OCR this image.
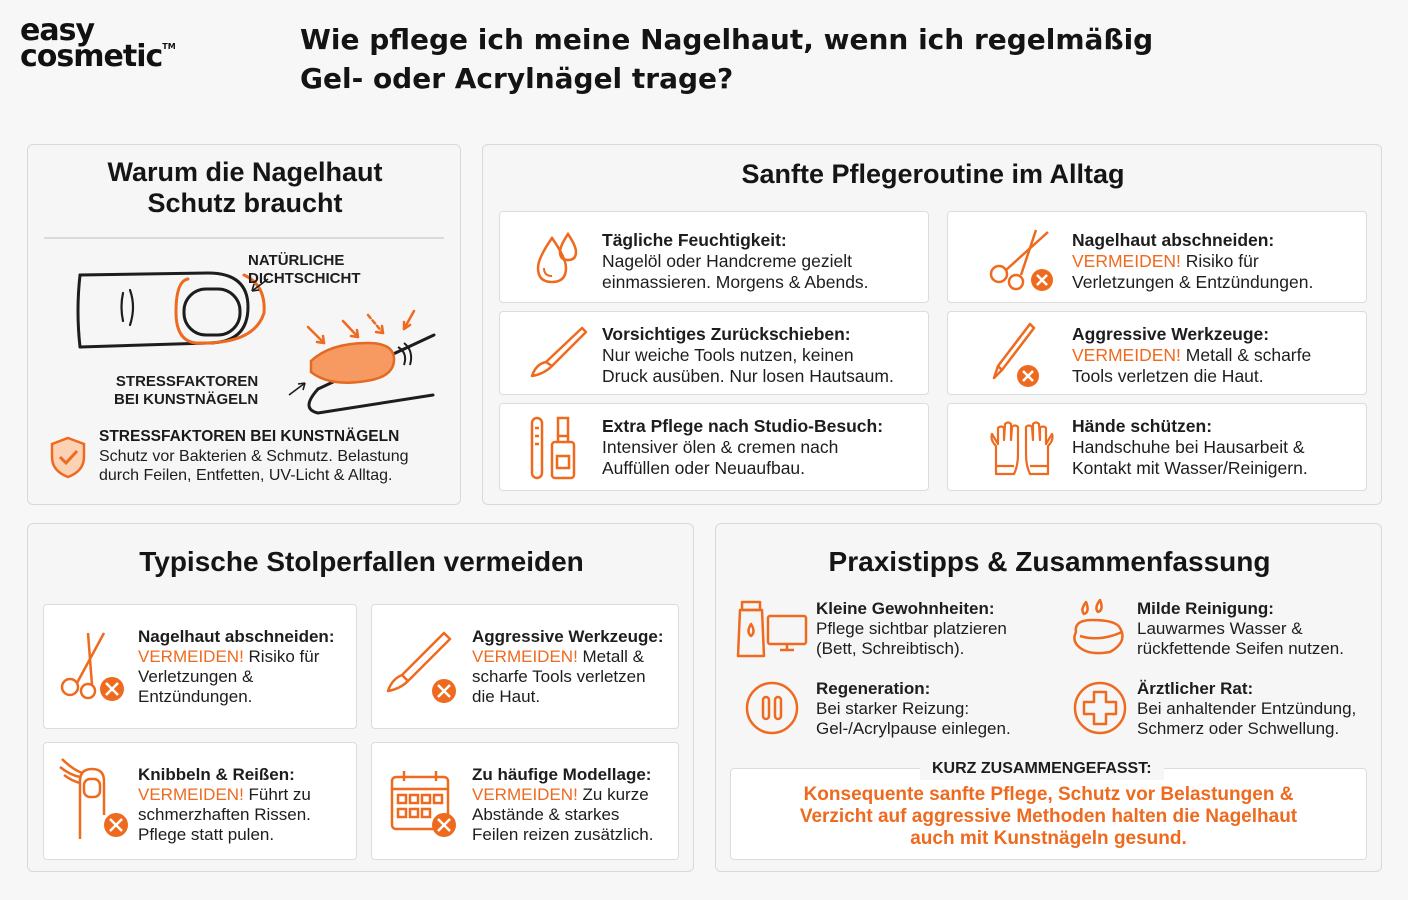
easy
cosmetic™	Wie pflege ich meine Nagelhaut, wenn ich regelmäßig Gel- oder Acrylnägel trage?
Warum die Nagelhaut
Schutz braucht
NATÜRLICHE
DICHTSCHICHT
STRESSFAKTOREN
BEI KUNSTNÄGELN
STRESSFAKTOREN BEI KUNSTNÄGELN
Schutz vor Bakterien & Schmutz. Belastung
durch Feilen, Entfetten, UV-Licht & Alltag.
Sanfte Pflegeroutine im Alltag
Tägliche Feuchtigkeit:
Nagelöl oder Handcreme gezielt
einmassieren. Morgens & Abends.
Nagelhaut abschneiden:
VERMEIDEN! Risiko für
Verletzungen & Entzündungen.
Vorsichtiges Zurückschieben:
Nur weiche Tools nutzen, keinen
Druck ausüben. Nur losen Hautsaum.
Aggressive Werkzeuge:
VERMEIDEN! Metall & scharfe
Tools verletzen die Haut.
Extra Pflege nach Studio-Besuch:
Intensiver ölen & cremen nach
Auffüllen oder Neuaufbau.
Hände schützen:
Handschuhe bei Hausarbeit &
Kontakt mit Wasser/Reinigern.
Typische Stolperfallen vermeiden
Nagelhaut abschneiden:
VERMEIDEN! Risiko für
Verletzungen &
Entzündungen.
Aggressive Werkzeuge:
VERMEIDEN! Metall &
scharfe Tools verletzen
die Haut.
Knibbeln & Reißen:
VERMEIDEN! Führt zu
schmerzhaften Rissen.
Pflege statt pulen.
Zu häufige Modellage:
VERMEIDEN! Zu kurze
Abstände & starkes
Feilen reizen zusätzlich.
Praxistipps & Zusammenfassung
Kleine Gewohnheiten:
Pflege sichtbar platzieren
(Bett, Schreibtisch).
Milde Reinigung:
Lauwarmes Wasser &
rückfettende Seifen nutzen.
Regeneration:
Bei starker Reizung:
Gel-/Acrylpause einlegen.
Ärztlicher Rat:
Bei anhaltender Entzündung,
Schmerz oder Schwellung.
KURZ ZUSAMMENGEFASST:
Konsequente sanfte Pflege, Schutz vor Belastungen &
Verzicht auf aggressive Methoden halten die Nagelhaut
auch mit Kunstnägeln gesund.
